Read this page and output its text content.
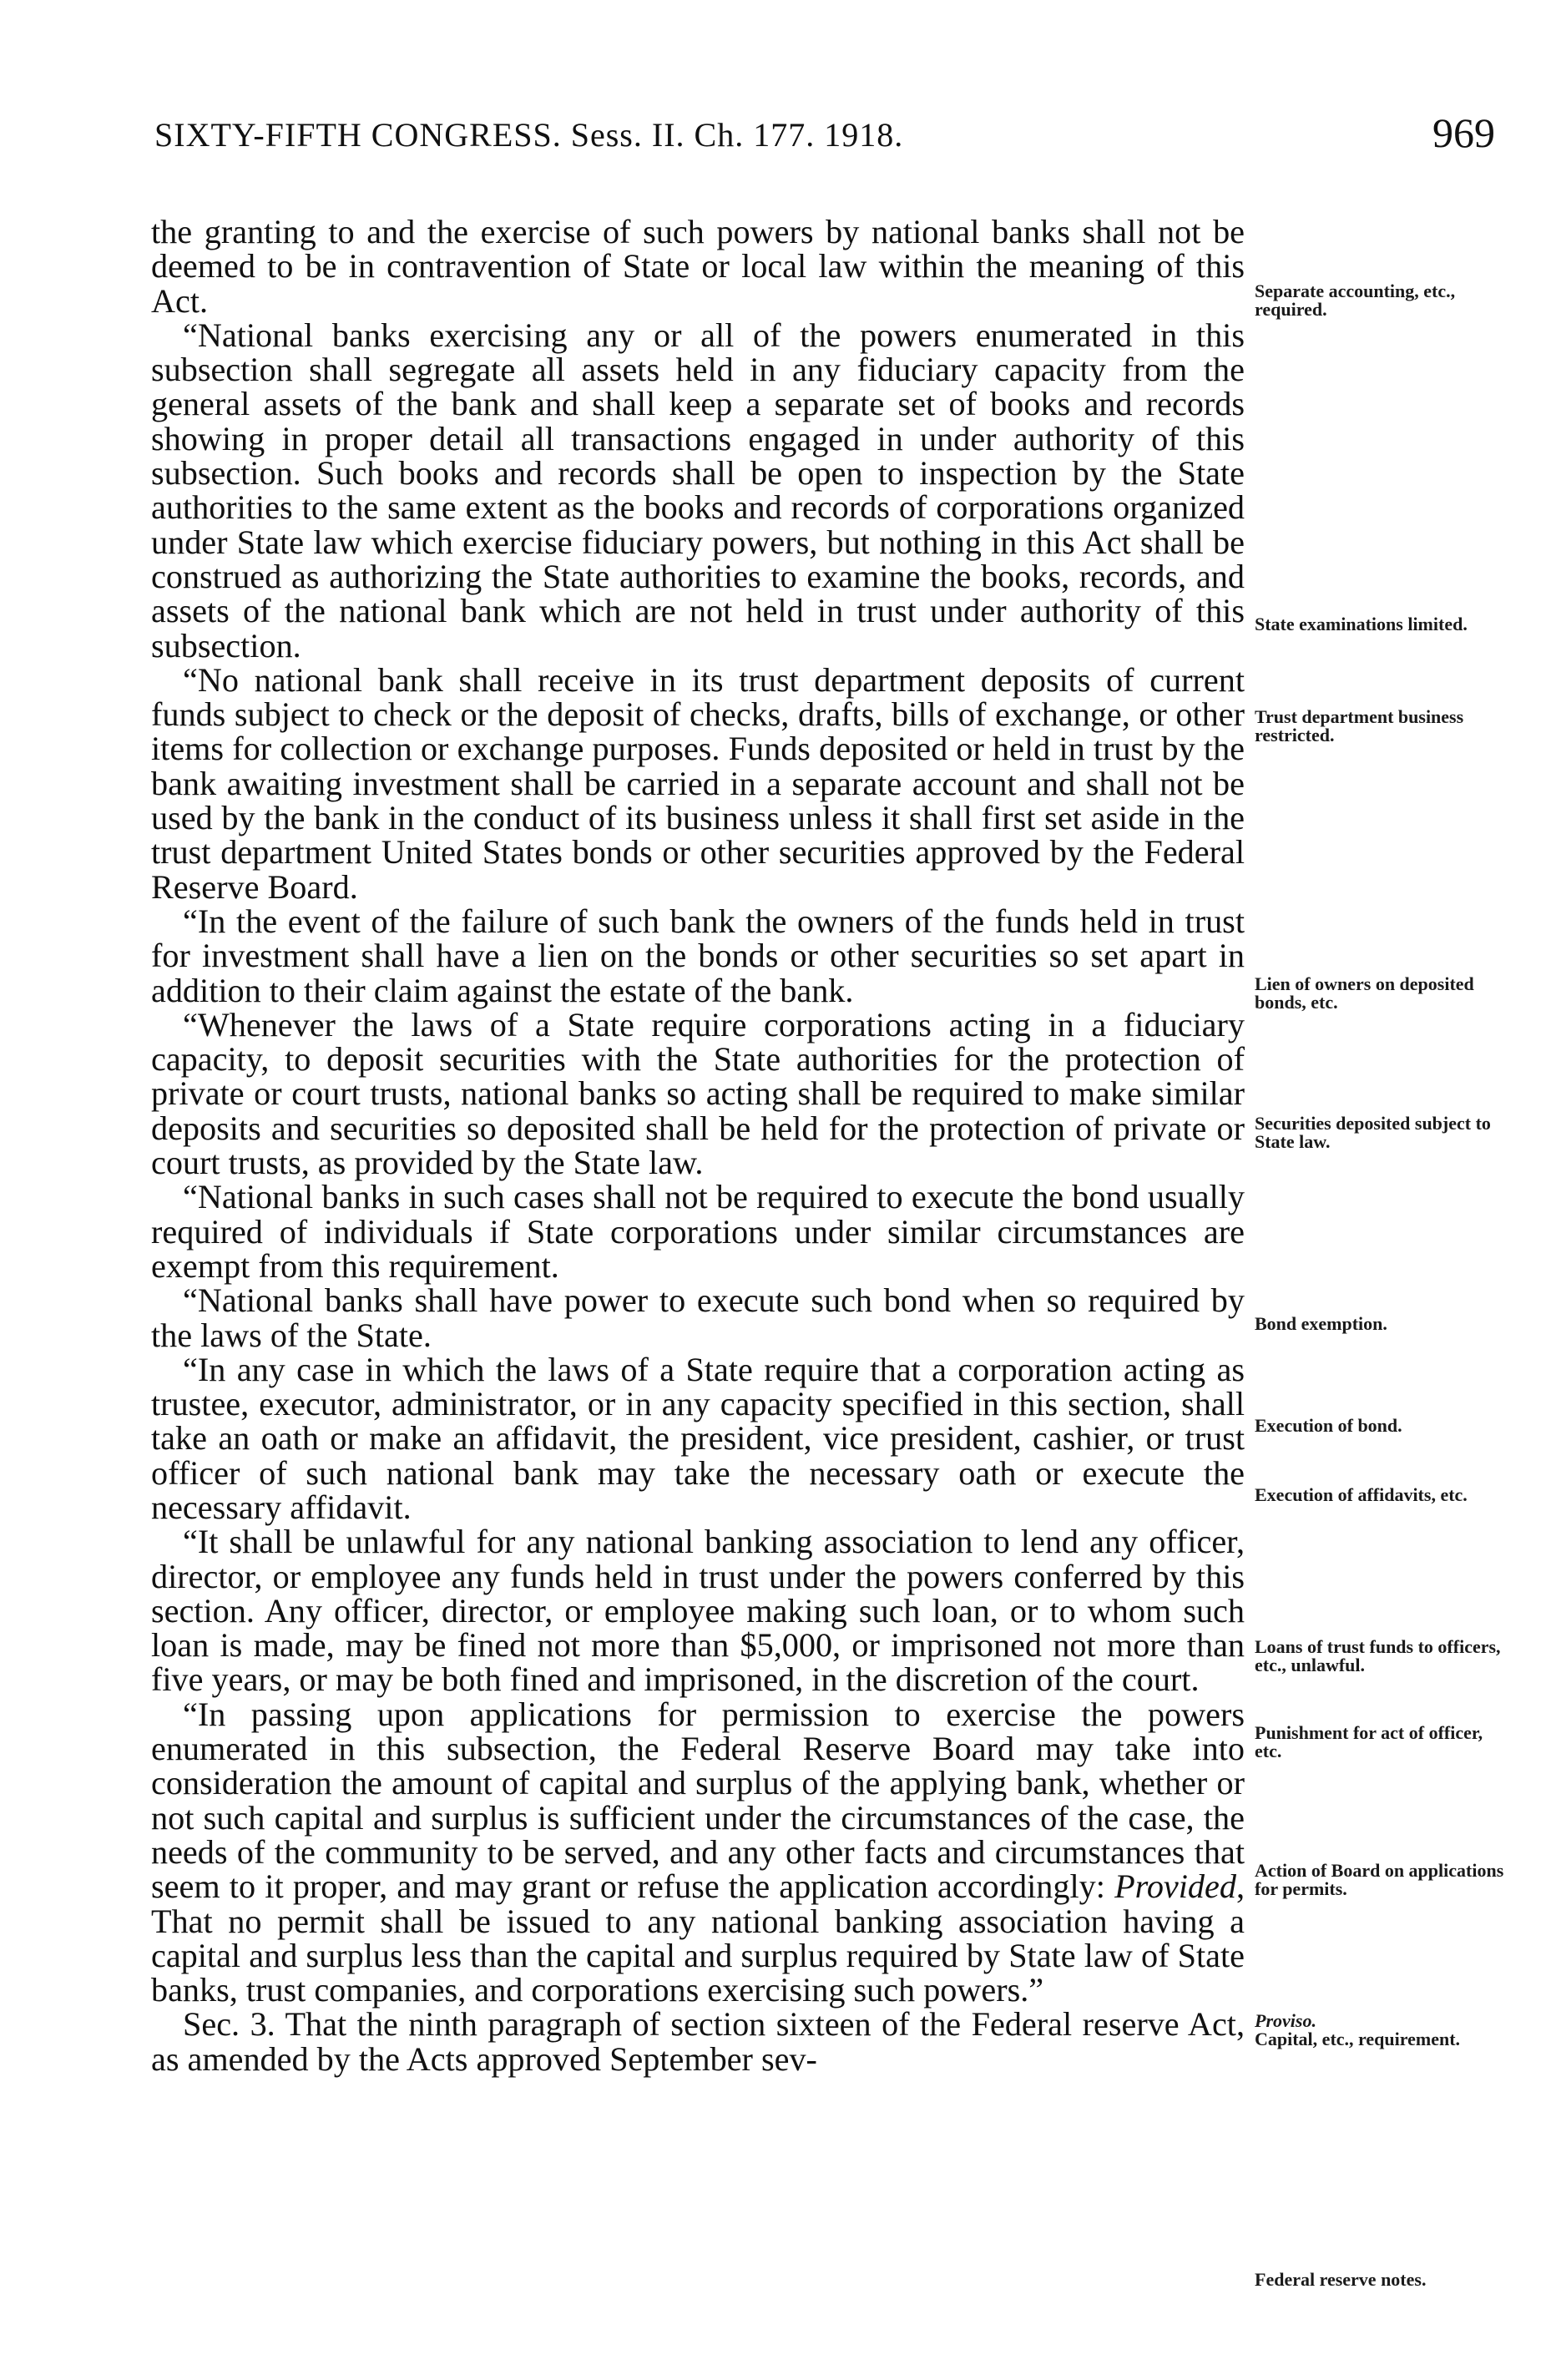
SIXTY-FIFTH CONGRESS. Sess. II. Ch. 177. 1918.	969

the granting to and the exercise of such powers by national banks shall not be deemed to be in contravention of State or local law within the meaning of this Act.

“National banks exercising any or all of the powers enumerated in this subsection shall segregate all assets held in any fiduciary capacity from the general assets of the bank and shall keep a separate set of books and records showing in proper detail all transactions engaged in under authority of this subsection. Such books and records shall be open to inspection by the State authorities to the same extent as the books and records of corporations organized under State law which exercise fiduciary powers, but nothing in this Act shall be construed as authorizing the State authorities to examine the books, records, and assets of the national bank which are not held in trust under authority of this subsection.

“No national bank shall receive in its trust department deposits of current funds subject to check or the deposit of checks, drafts, bills of exchange, or other items for collection or exchange purposes. Funds deposited or held in trust by the bank awaiting investment shall be carried in a separate account and shall not be used by the bank in the conduct of its business unless it shall first set aside in the trust department United States bonds or other securities approved by the Federal Reserve Board.

“In the event of the failure of such bank the owners of the funds held in trust for investment shall have a lien on the bonds or other securities so set apart in addition to their claim against the estate of the bank.

“Whenever the laws of a State require corporations acting in a fiduciary capacity, to deposit securities with the State authorities for the protection of private or court trusts, national banks so acting shall be required to make similar deposits and securities so deposited shall be held for the protection of private or court trusts, as provided by the State law.

“National banks in such cases shall not be required to execute the bond usually required of individuals if State corporations under similar circumstances are exempt from this requirement.

“National banks shall have power to execute such bond when so required by the laws of the State.

“In any case in which the laws of a State require that a corporation acting as trustee, executor, administrator, or in any capacity specified in this section, shall take an oath or make an affidavit, the president, vice president, cashier, or trust officer of such national bank may take the necessary oath or execute the necessary affidavit.

“It shall be unlawful for any national banking association to lend any officer, director, or employee any funds held in trust under the powers conferred by this section. Any officer, director, or employee making such loan, or to whom such loan is made, may be fined not more than $5,000, or imprisoned not more than five years, or may be both fined and imprisoned, in the discretion of the court.

“In passing upon applications for permission to exercise the powers enumerated in this subsection, the Federal Reserve Board may take into consideration the amount of capital and surplus of the applying bank, whether or not such capital and surplus is sufficient under the circumstances of the case, the needs of the community to be served, and any other facts and circumstances that seem to it proper, and may grant or refuse the application accordingly: Provided, That no permit shall be issued to any national banking association having a capital and surplus less than the capital and surplus required by State law of State banks, trust companies, and corporations exercising such powers.”

Sec. 3. That the ninth paragraph of section sixteen of the Federal reserve Act, as amended by the Acts approved September sev-

Separate accounting, etc., required.
State examinations limited.
Trust department business restricted.
Lien of owners on deposited bonds, etc.
Securities deposited subject to State law.
Bond exemption.
Execution of bond.
Execution of affidavits, etc.
Loans of trust funds to officers, etc., unlawful.
Punishment for act of officer, etc.
Action of Board on applications for permits.
Proviso.
Capital, etc., requirement.
Federal reserve notes.
